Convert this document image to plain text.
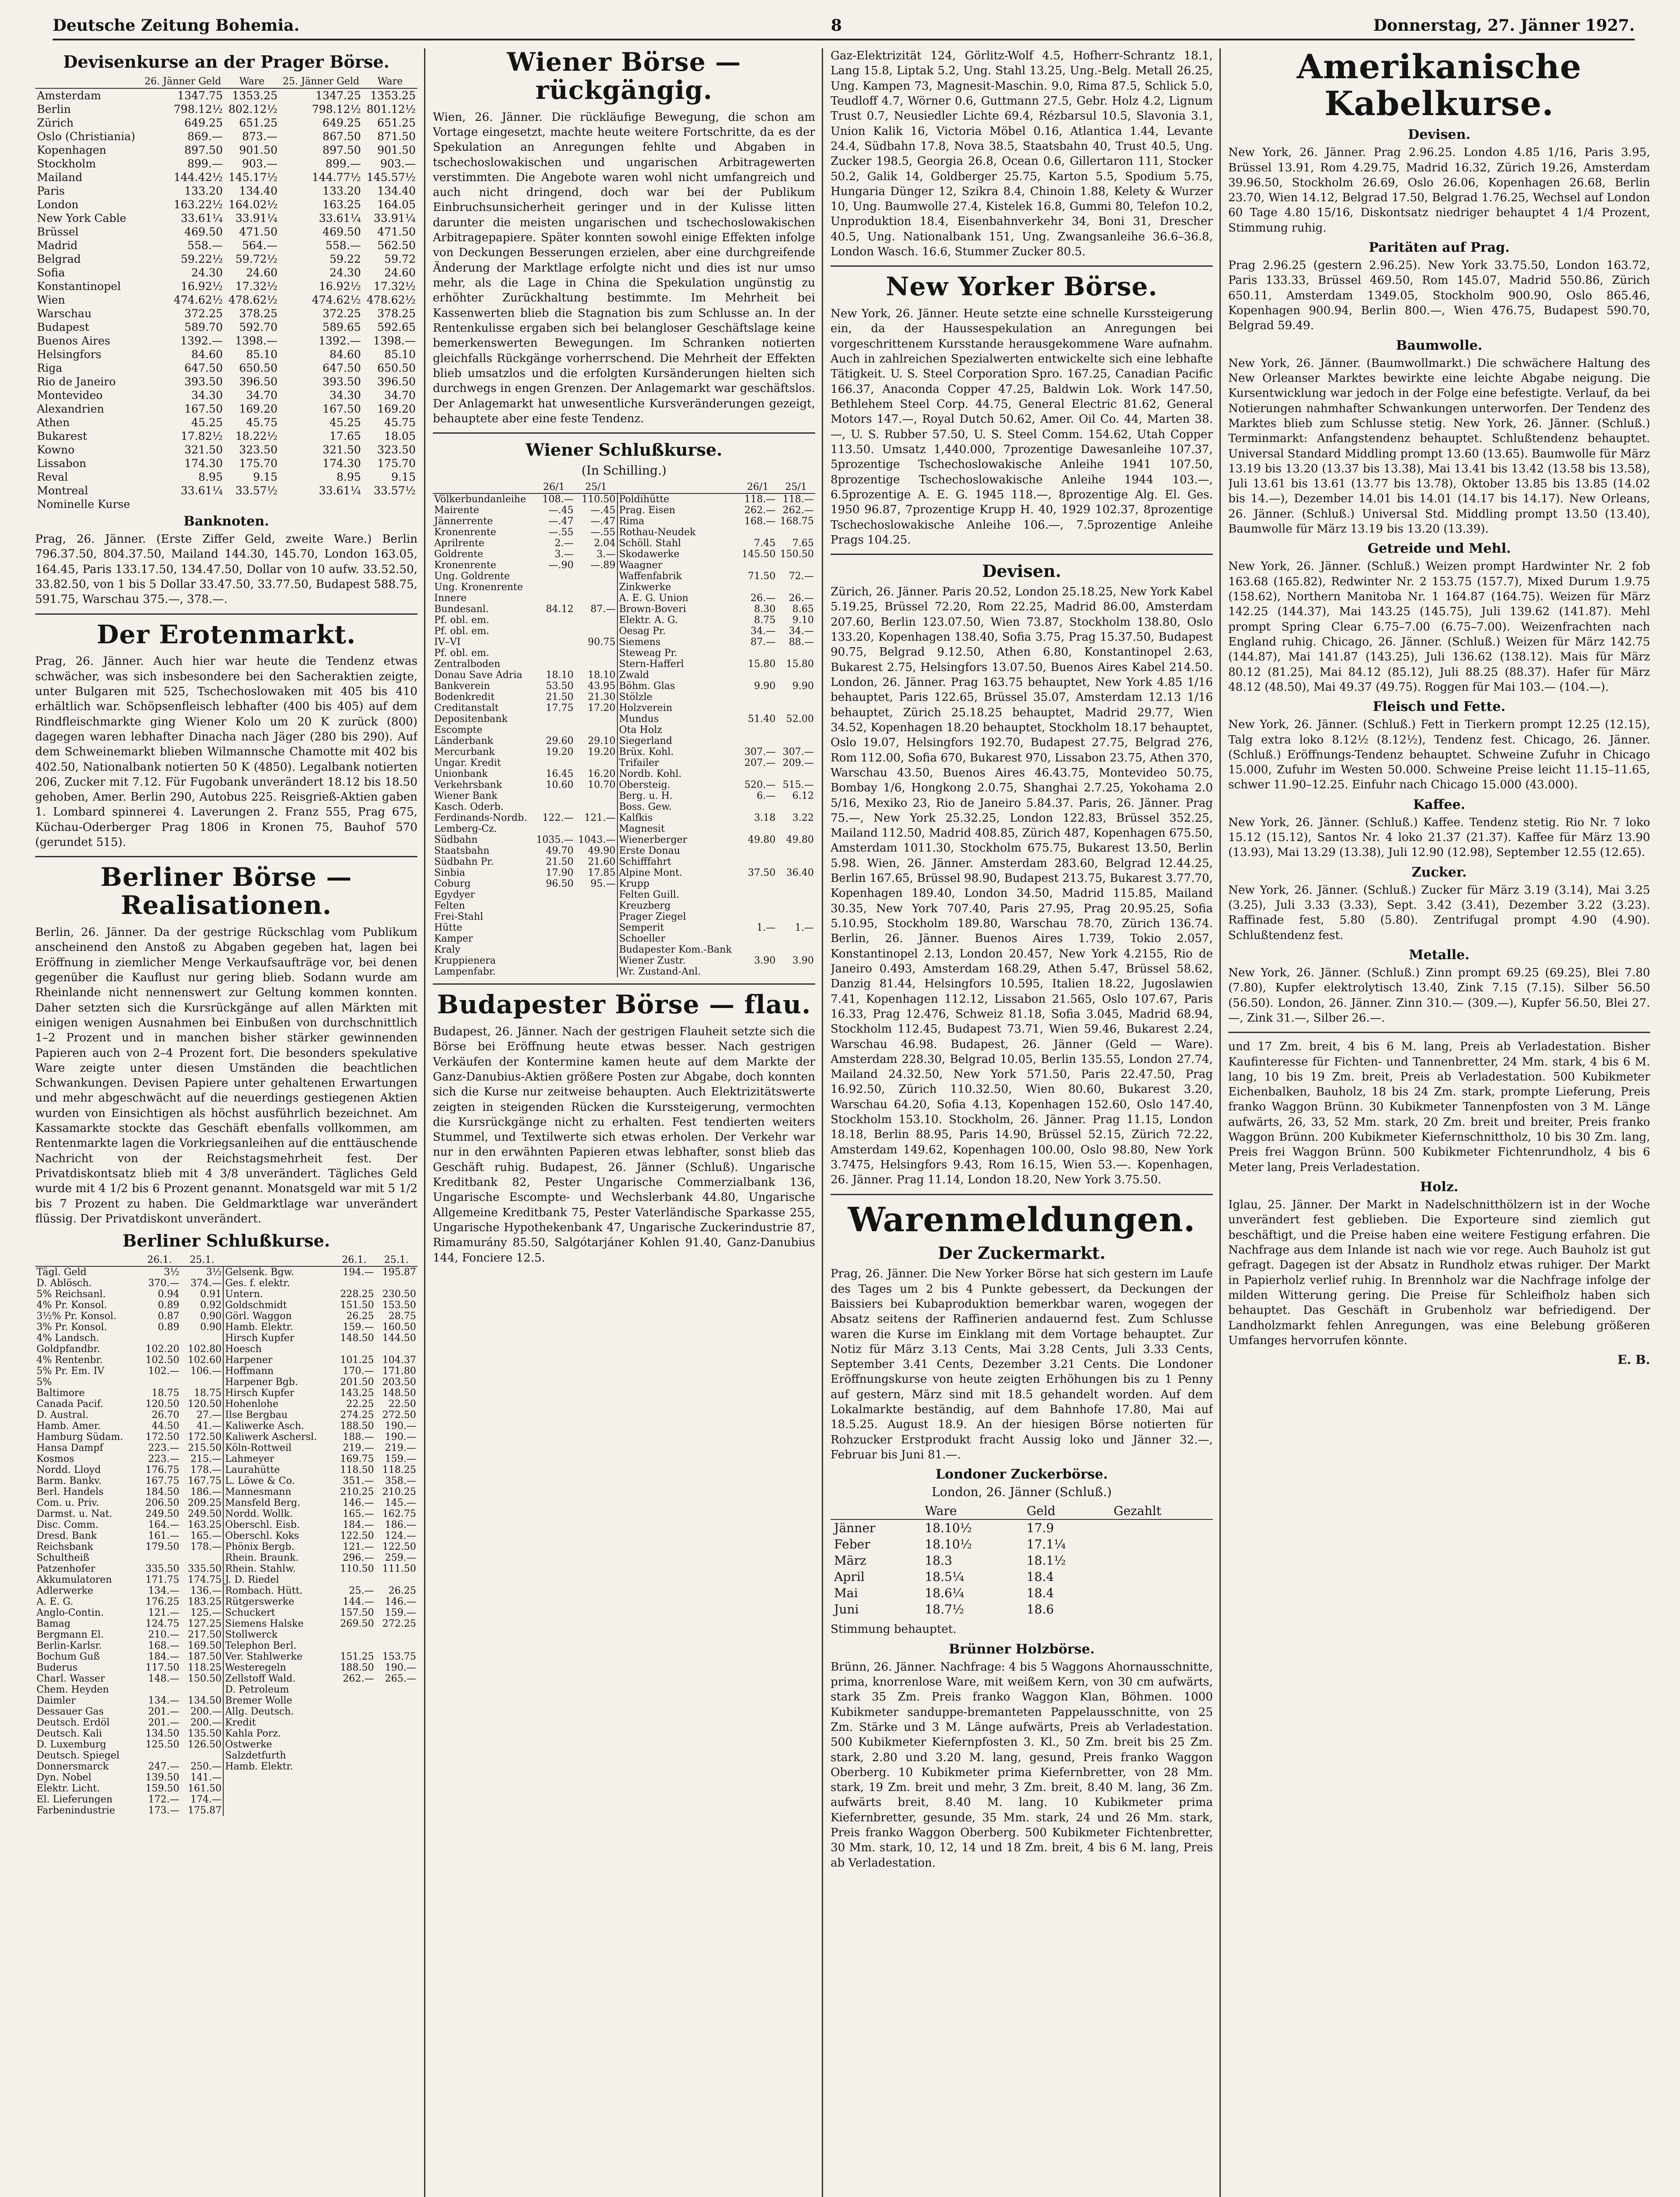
Deutsche Zeitung Bohemia.	8	Donnerstag, 27. Jänner 1927.
Devisenkurse an der Prager Börse.
	26. Jänner Geld	Ware	25. Jänner Geld	Ware
Amsterdam	1347.75	1353.25	1347.25	1353.25
Berlin	798.12½	802.12½	798.12½	801.12½
Zürich	649.25	651.25	649.25	651.25
Oslo (Christiania)	869.—	873.—	867.50	871.50
Kopenhagen	897.50	901.50	897.50	901.50
Stockholm	899.—	903.—	899.—	903.—
Mailand	144.42½	145.17½	144.77½	145.57½
Paris	133.20	134.40	133.20	134.40
London	163.22½	164.02½	163.25	164.05
New York Cable	33.61¼	33.91¼	33.61¼	33.91¼
Brüssel	469.50	471.50	469.50	471.50
Madrid	558.—	564.—	558.—	562.50
Belgrad	59.22½	59.72½	59.22	59.72
Sofia	24.30	24.60	24.30	24.60
Konstantinopel	16.92½	17.32½	16.92½	17.32½
Wien	474.62½	478.62½	474.62½	478.62½
Warschau	372.25	378.25	372.25	378.25
Budapest	589.70	592.70	589.65	592.65
Buenos Aires	1392.—	1398.—	1392.—	1398.—
Helsingfors	84.60	85.10	84.60	85.10
Riga	647.50	650.50	647.50	650.50
Rio de Janeiro	393.50	396.50	393.50	396.50
Montevideo	34.30	34.70	34.30	34.70
Alexandrien	167.50	169.20	167.50	169.20
Athen	45.25	45.75	45.25	45.75
Bukarest	17.82½	18.22½	17.65	18.05
Kowno	321.50	323.50	321.50	323.50
Lissabon	174.30	175.70	174.30	175.70
Reval	8.95	9.15	8.95	9.15
Montreal	33.61¼	33.57½	33.61¼	33.57½
Nominelle Kurse				
Banknoten.

Prag, 26. Jänner. (Erste Ziffer Geld, zweite Ware.) Berlin 796.37.50, 804.37.50, Mailand 144.30, 145.70, London 163.05, 164.45, Paris 133.17.50, 134.47.50, Dollar von 10 aufw. 33.52.50, 33.82.50, von 1 bis 5 Dollar 33.47.50, 33.77.50, Budapest 588.75, 591.75, Warschau 375.—, 378.—.

Der Erotenmarkt.

Prag, 26. Jänner. Auch hier war heute die Tendenz etwas schwächer, was sich insbesondere bei den Sacheraktien zeigte, unter Bulgaren mit 525, Tschechoslowaken mit 405 bis 410 erhältlich war. Schöpsenfleisch lebhafter (400 bis 405) auf dem Rindfleischmarkte ging Wiener Kolo um 20 K zurück (800) dagegen waren lebhafter Dinacha nach Jäger (280 bis 290). Auf dem Schweinemarkt blieben Wilmannsche Chamotte mit 402 bis 402.50, Nationalbank notierten 50 K (4850). Legalbank notierten 206, Zucker mit 7.12. Für Fugobank unverändert 18.12 bis 18.50 gehoben, Amer. Berlin 290, Autobus 225. Reisgrieß-Aktien gaben 1. Lombard spinnerei 4. Laverungen 2. Franz 555, Prag 675, Küchau-Oderberger Prag 1806 in Kronen 75, Bauhof 570 (gerundet 515).

Berliner Börse — Realisationen.

Berlin, 26. Jänner. Da der gestrige Rückschlag vom Publikum anscheinend den Anstoß zu Abgaben gegeben hat, lagen bei Eröffnung in ziemlicher Menge Verkaufsaufträge vor, bei denen gegenüber die Kauflust nur gering blieb. Sodann wurde am Rheinlande nicht nennenswert zur Geltung kommen konnten. Daher setzten sich die Kursrückgänge auf allen Märkten mit einigen wenigen Ausnahmen bei Einbußen von durchschnittlich 1–2 Prozent und in manchen bisher stärker gewinnenden Papieren auch von 2–4 Prozent fort. Die besonders spekulative Ware zeigte unter diesen Umständen die beachtlichen Schwankungen. Devisen Papiere unter gehaltenen Erwartungen und mehr abgeschwächt auf die neuerdings gestiegenen Aktien wurden von Einsichtigen als höchst ausführlich bezeichnet. Am Kassamarkte stockte das Geschäft ebenfalls vollkommen, am Rentenmarkte lagen die Vorkriegsanleihen auf die enttäuschende Nachricht von der Reichstagsmehrheit fest. Der Privatdiskontsatz blieb mit 4 3/8 unverändert. Tägliches Geld wurde mit 4 1/2 bis 6 Prozent genannt. Monatsgeld war mit 5 1/2 bis 7 Prozent zu haben. Die Geldmarktlage war unverändert flüssig. Der Privatdiskont unverändert.

Berliner Schlußkurse.
	26.1.	25.1.		26.1.	25.1.
Tägl. Geld	3½	3½	Gelsenk. Bgw.	194.—	195.87
D. Ablösch.	370.—	374.—	Ges. f. elektr.		
5% Reichsanl.	0.94	0.91	Untern.	228.25	230.50
4% Pr. Konsol.	0.89	0.92	Goldschmidt	151.50	153.50
3½% Pr. Konsol.	0.87	0.90	Görl. Waggon	26.25	28.75
3% Pr. Konsol.	0.89	0.90	Hamb. Elektr.	159.—	160.50
4% Landsch.			Hirsch Kupfer	148.50	144.50
Goldpfandbr.	102.20	102.80	Hoesch		
4% Rentenbr.	102.50	102.60	Harpener	101.25	104.37
5% Pr. Em. IV	102.—	106.—	Hoffmann	170.—	171.80
5%			Harpener Bgb.	201.50	203.50
Baltimore	18.75	18.75	Hirsch Kupfer	143.25	148.50
Canada Pacif.	120.50	120.50	Hohenlohe	22.25	22.50
D. Austral.	26.70	27.—	Ilse Bergbau	274.25	272.50
Hamb. Amer.	44.50	41.—	Kaliwerke Asch.	188.50	190.—
Hamburg Südam.	172.50	172.50	Kaliwerk Aschersl.	188.—	190.—
Hansa Dampf	223.—	215.50	Köln-Rottweil	219.—	219.—
Kosmos	223.—	215.—	Lahmeyer	169.75	159.—
Nordd. Lloyd	176.75	178.—	Laurahütte	118.50	118.25
Barm. Bankv.	167.75	167.75	L. Löwe & Co.	351.—	358.—
Berl. Handels	184.50	186.—	Mannesmann	210.25	210.25
Com. u. Priv.	206.50	209.25	Mansfeld Berg.	146.—	145.—
Darmst. u. Nat.	249.50	249.50	Nordd. Wollk.	165.—	162.75
Disc. Comm.	164.—	163.25	Oberschl. Eisb.	184.—	186.—
Dresd. Bank	161.—	165.—	Oberschl. Koks	122.50	124.—
Reichsbank	179.50	178.—	Phönix Bergb.	121.—	122.50
Schultheiß			Rhein. Braunk.	296.—	259.—
Patzenhofer	335.50	335.50	Rhein. Stahlw.	110.50	111.50
Akkumulatoren	171.75	174.75	J. D. Riedel		
Adlerwerke	134.—	136.—	Rombach. Hütt.	25.—	26.25
A. E. G.	176.25	183.25	Rütgerswerke	144.—	146.—
Anglo-Contin.	121.—	125.—	Schuckert	157.50	159.—
Bamag	124.75	127.25	Siemens Halske	269.50	272.25
Bergmann El.	210.—	217.50	Stollwerck		
Berlin-Karlsr.	168.—	169.50	Telephon Berl.		
Bochum Guß	184.—	187.50	Ver. Stahlwerke	151.25	153.75
Buderus	117.50	118.25	Westeregeln	188.50	190.—
Charl. Wasser	148.—	150.50	Zellstoff Wald.	262.—	265.—
Chem. Heyden			D. Petroleum		
Daimler	134.—	134.50	Bremer Wolle		
Dessauer Gas	201.—	200.—	Allg. Deutsch.		
Deutsch. Erdöl	201.—	200.—	Kredit		
Deutsch. Kali	134.50	135.50	Kahla Porz.		
D. Luxemburg	125.50	126.50	Ostwerke		
Deutsch. Spiegel			Salzdetfurth		
Donnersmarck	247.—	250.—	Hamb. Elektr.		
Dyn. Nobel	139.50	141.—			
Elektr. Licht.	159.50	161.50			
El. Lieferungen	172.—	174.—			
Farbenindustrie	173.—	175.87			
Wiener Börse — rückgängig.

Wien, 26. Jänner. Die rückläufige Bewegung, die schon am Vortage eingesetzt, machte heute weitere Fortschritte, da es der Spekulation an Anregungen fehlte und Abgaben in tschechoslowakischen und ungarischen Arbitragewerten verstimmten. Die Angebote waren wohl nicht umfangreich und auch nicht dringend, doch war bei der Publikum Einbruchsunsicherheit geringer und in der Kulisse litten darunter die meisten ungarischen und tschechoslowakischen Arbitragepapiere. Später konnten sowohl einige Effekten infolge von Deckungen Besserungen erzielen, aber eine durchgreifende Änderung der Marktlage erfolgte nicht und dies ist nur umso mehr, als die Lage in China die Spekulation ungünstig zu erhöhter Zurückhaltung bestimmte. Im Mehrheit bei Kassenwerten blieb die Stagnation bis zum Schlusse an. In der Rentenkulisse ergaben sich bei belangloser Geschäftslage keine bemerkenswerten Bewegungen. Im Schranken notierten gleichfalls Rückgänge vorherrschend. Die Mehrheit der Effekten blieb umsatzlos und die erfolgten Kursänderungen hielten sich durchwegs in engen Grenzen. Der Anlagemarkt war geschäftslos. Der Anlagemarkt hat unwesentliche Kursveränderungen gezeigt, behauptete aber eine feste Tendenz.

Wiener Schlußkurse.
(In Schilling.)
	26/1	25/1		26/1	25/1
Völkerbundanleihe	108.—	110.50	Poldihütte	118.—	118.—
Mairente	—.45	—.45	Prag. Eisen	262.—	262.—
Jännerrente	—.47	—.47	Rima	168.—	168.75
Kronenrente	—.55	—.55	Rothau-Neudek		
Aprilrente	2.—	2.04	Schöll. Stahl	7.45	7.65
Goldrente	3.—	3.—	Skodawerke	145.50	150.50
Kronenrente	—.90	—.89	Waagner		
Ung. Goldrente			Waffenfabrik	71.50	72.—
Ung. Kronenrente			Zinkwerke		
Innere			A. E. G. Union	26.—	26.—
Bundesanl.	84.12	87.—	Brown-Boveri	8.30	8.65
Pf. obl. em.			Elektr. A. G.	8.75	9.10
Pf. obl. em.			Oesag Pr.	34.—	34.—
IV–VI		90.75	Siemens	87.—	88.—
Pf. obl. em.			Steweag Pr.		
Zentralboden			Stern-Hafferl	15.80	15.80
Donau Save Adria	18.10	18.10	Zwald		
Bankverein	53.50	43.95	Böhm. Glas	9.90	9.90
Bodenkredit	21.50	21.30	Stölzle		
Creditanstalt	17.75	17.20	Holzverein		
Depositenbank			Mundus	51.40	52.00
Escompte			Ota Holz		
Länderbank	29.60	29.10	Siegerland		
Mercurbank	19.20	19.20	Brüx. Kohl.	307.—	307.—
Ungar. Kredit			Trifailer	207.—	209.—
Unionbank	16.45	16.20	Nordb. Kohl.		
Verkehrsbank	10.60	10.70	Obersteig.	520.—	515.—
Wiener Bank			Berg. u. H.	6.—	6.12
Kasch. Oderb.			Boss. Gew.		
Ferdinands-Nordb.	122.—	121.—	Kalfkis	3.18	3.22
Lemberg-Cz.			Magnesit		
Südbahn	1035.—	1043.—	Wienerberger	49.80	49.80
Staatsbahn	49.70	49.90	Erste Donau		
Südbahn Pr.	21.50	21.60	Schifffahrt		
Sinbia	17.90	17.85	Alpine Mont.	37.50	36.40
Coburg	96.50	95.—	Krupp		
Egydyer			Felten Guill.		
Felten			Kreuzberg		
Frei-Stahl			Prager Ziegel		
Hütte			Semperit	1.—	1.—
Kamper			Schoeller		
Kraly			Budapester Kom.-Bank		
Kruppienera			Wiener Zustr.	3.90	3.90
Lampenfabr.			Wr. Zustand-Anl.		
Budapester Börse — flau.

Budapest, 26. Jänner. Nach der gestrigen Flauheit setzte sich die Börse bei Eröffnung heute etwas besser. Nach gestrigen Verkäufen der Kontermine kamen heute auf dem Markte der Ganz-Danubius-Aktien größere Posten zur Abgabe, doch konnten sich die Kurse nur zeitweise behaupten. Auch Elektrizitätswerte zeigten in steigenden Rücken die Kurssteigerung, vermochten die Kursrückgänge nicht zu erhalten. Fest tendierten weiters Stummel, und Textilwerte sich etwas erholen. Der Verkehr war nur in den erwähnten Papieren etwas lebhafter, sonst blieb das Geschäft ruhig. Budapest, 26. Jänner (Schluß). Ungarische Kreditbank 82, Pester Ungarische Commerzialbank 136, Ungarische Escompte- und Wechslerbank 44.80, Ungarische Allgemeine Kreditbank 75, Pester Vaterländische Sparkasse 255, Ungarische Hypothekenbank 47, Ungarische Zuckerindustrie 87, Rimamurány 85.50, Salgótarjáner Kohlen 91.40, Ganz-Danubius 144, Fonciere 12.5.

Gaz-Elektrizität 124, Görlitz-Wolf 4.5, Hofherr-Schrantz 18.1, Lang 15.8, Liptak 5.2, Ung. Stahl 13.25, Ung.-Belg. Metall 26.25, Ung. Kampen 73, Magnesit-Maschin. 9.0, Rima 87.5, Schlick 5.0, Teudloff 4.7, Wörner 0.6, Guttmann 27.5, Gebr. Holz 4.2, Lignum Trust 0.7, Neusiedler Lichte 69.4, Rézbarsul 10.5, Slavonia 3.1, Union Kalik 16, Victoria Möbel 0.16, Atlantica 1.44, Levante 24.4, Südbahn 17.8, Nova 38.5, Staatsbahn 40, Trust 40.5, Ung. Zucker 198.5, Georgia 26.8, Ocean 0.6, Gillertaron 111, Stocker 50.2, Galik 14, Goldberger 25.75, Karton 5.5, Spodium 5.75, Hungaria Dünger 12, Szikra 8.4, Chinoin 1.88, Kelety & Wurzer 10, Ung. Baumwolle 27.4, Kistelek 16.8, Gummi 80, Telefon 10.2, Unproduktion 18.4, Eisenbahnverkehr 34, Boni 31, Drescher 40.5, Ung. Nationalbank 151, Ung. Zwangsanleihe 36.6–36.8, London Wasch. 16.6, Stummer Zucker 80.5.

New Yorker Börse.

New York, 26. Jänner. Heute setzte eine schnelle Kurssteigerung ein, da der Haussespekulation an Anregungen bei vorgeschrittenem Kursstande herausgekommene Ware aufnahm. Auch in zahlreichen Spezialwerten entwickelte sich eine lebhafte Tätigkeit. U. S. Steel Corporation Spro. 167.25, Canadian Pacific 166.37, Anaconda Copper 47.25, Baldwin Lok. Work 147.50, Bethlehem Steel Corp. 44.75, General Electric 81.62, General Motors 147.—, Royal Dutch 50.62, Amer. Oil Co. 44, Marten 38.—, U. S. Rubber 57.50, U. S. Steel Comm. 154.62, Utah Copper 113.50. Umsatz 1,440.000, 7prozentige Dawesanleihe 107.37, 5prozentige Tschechoslowakische Anleihe 1941 107.50, 8prozentige Tschechoslowakische Anleihe 1944 103.—, 6.5prozentige A. E. G. 1945 118.—, 8prozentige Alg. El. Ges. 1950 96.87, 7prozentige Krupp H. 40, 1929 102.37, 8prozentige Tschechoslowakische Anleihe 106.—, 7.5prozentige Anleihe Prags 104.25.

Devisen.

Zürich, 26. Jänner. Paris 20.52, London 25.18.25, New York Kabel 5.19.25, Brüssel 72.20, Rom 22.25, Madrid 86.00, Amsterdam 207.60, Berlin 123.07.50, Wien 73.87, Stockholm 138.80, Oslo 133.20, Kopenhagen 138.40, Sofia 3.75, Prag 15.37.50, Budapest 90.75, Belgrad 9.12.50, Athen 6.80, Konstantinopel 2.63, Bukarest 2.75, Helsingfors 13.07.50, Buenos Aires Kabel 214.50. London, 26. Jänner. Prag 163.75 behauptet, New York 4.85 1/16 behauptet, Paris 122.65, Brüssel 35.07, Amsterdam 12.13 1/16 behauptet, Zürich 25.18.25 behauptet, Madrid 29.77, Wien 34.52, Kopenhagen 18.20 behauptet, Stockholm 18.17 behauptet, Oslo 19.07, Helsingfors 192.70, Budapest 27.75, Belgrad 276, Rom 112.00, Sofia 670, Bukarest 970, Lissabon 23.75, Athen 370, Warschau 43.50, Buenos Aires 46.43.75, Montevideo 50.75, Bombay 1/6, Hongkong 2.0.75, Shanghai 2.7.25, Yokohama 2.0 5/16, Mexiko 23, Rio de Janeiro 5.84.37. Paris, 26. Jänner. Prag 75.—, New York 25.32.25, London 122.83, Brüssel 352.25, Mailand 112.50, Madrid 408.85, Zürich 487, Kopenhagen 675.50, Amsterdam 1011.30, Stockholm 675.75, Bukarest 13.50, Berlin 5.98. Wien, 26. Jänner. Amsterdam 283.60, Belgrad 12.44.25, Berlin 167.65, Brüssel 98.90, Budapest 213.75, Bukarest 3.77.70, Kopenhagen 189.40, London 34.50, Madrid 115.85, Mailand 30.35, New York 707.40, Paris 27.95, Prag 20.95.25, Sofia 5.10.95, Stockholm 189.80, Warschau 78.70, Zürich 136.74. Berlin, 26. Jänner. Buenos Aires 1.739, Tokio 2.057, Konstantinopel 2.13, London 20.457, New York 4.2155, Rio de Janeiro 0.493, Amsterdam 168.29, Athen 5.47, Brüssel 58.62, Danzig 81.44, Helsingfors 10.595, Italien 18.22, Jugoslawien 7.41, Kopenhagen 112.12, Lissabon 21.565, Oslo 107.67, Paris 16.33, Prag 12.476, Schweiz 81.18, Sofia 3.045, Madrid 68.94, Stockholm 112.45, Budapest 73.71, Wien 59.46, Bukarest 2.24, Warschau 46.98. Budapest, 26. Jänner (Geld — Ware). Amsterdam 228.30, Belgrad 10.05, Berlin 135.55, London 27.74, Mailand 24.32.50, New York 571.50, Paris 22.47.50, Prag 16.92.50, Zürich 110.32.50, Wien 80.60, Bukarest 3.20, Warschau 64.20, Sofia 4.13, Kopenhagen 152.60, Oslo 147.40, Stockholm 153.10. Stockholm, 26. Jänner. Prag 11.15, London 18.18, Berlin 88.95, Paris 14.90, Brüssel 52.15, Zürich 72.22, Amsterdam 149.62, Kopenhagen 100.00, Oslo 98.80, New York 3.7475, Helsingfors 9.43, Rom 16.15, Wien 53.—. Kopenhagen, 26. Jänner. Prag 11.14, London 18.20, New York 3.75.50.

Warenmeldungen.
Der Zuckermarkt.

Prag, 26. Jänner. Die New Yorker Börse hat sich gestern im Laufe des Tages um 2 bis 4 Punkte gebessert, da Deckungen der Baissiers bei Kubaproduktion bemerkbar waren, wogegen der Absatz seitens der Raffinerien andauernd fest. Zum Schlusse waren die Kurse im Einklang mit dem Vortage behauptet. Zur Notiz für März 3.13 Cents, Mai 3.28 Cents, Juli 3.33 Cents, September 3.41 Cents, Dezember 3.21 Cents. Die Londoner Eröffnungskurse von heute zeigten Erhöhungen bis zu 1 Penny auf gestern, März sind mit 18.5 gehandelt worden. Auf dem Lokalmarkte beständig, auf dem Bahnhofe 17.80, Mai auf 18.5.25. August 18.9. An der hiesigen Börse notierten für Rohzucker Erstprodukt fracht Aussig loko und Jänner 32.—, Februar bis Juni 81.—.

Londoner Zuckerbörse.
London, 26. Jänner (Schluß.)
	Ware	Geld	Gezahlt
Jänner	18.10½	17.9	
Feber	18.10½	17.1¼	
März	18.3	18.1½	
April	18.5¼	18.4	
Mai	18.6¼	18.4	
Juni	18.7½	18.6	

Stimmung behauptet.

Brünner Holzbörse.

Brünn, 26. Jänner. Nachfrage: 4 bis 5 Waggons Ahornausschnitte, prima, knorrenlose Ware, mit weißem Kern, von 30 cm aufwärts, stark 35 Zm. Preis franko Waggon Klan, Böhmen. 1000 Kubikmeter sanduppe-bremanteten Pappelausschnitte, von 25 Zm. Stärke und 3 M. Länge aufwärts, Preis ab Verladestation. 500 Kubikmeter Kiefernpfosten 3. Kl., 50 Zm. breit bis 25 Zm. stark, 2.80 und 3.20 M. lang, gesund, Preis franko Waggon Oberberg. 10 Kubikmeter prima Kiefernbretter, von 28 Mm. stark, 19 Zm. breit und mehr, 3 Zm. breit, 8.40 M. lang, 36 Zm. aufwärts breit, 8.40 M. lang. 10 Kubikmeter prima Kiefernbretter, gesunde, 35 Mm. stark, 24 und 26 Mm. stark, Preis franko Waggon Oberberg. 500 Kubikmeter Fichtenbretter, 30 Mm. stark, 10, 12, 14 und 18 Zm. breit, 4 bis 6 M. lang, Preis ab Verladestation.

Amerikanische Kabelkurse.
Devisen.

New York, 26. Jänner. Prag 2.96.25. London 4.85 1/16, Paris 3.95, Brüssel 13.91, Rom 4.29.75, Madrid 16.32, Zürich 19.26, Amsterdam 39.96.50, Stockholm 26.69, Oslo 26.06, Kopenhagen 26.68, Berlin 23.70, Wien 14.12, Belgrad 17.50, Belgrad 1.76.25, Wechsel auf London 60 Tage 4.80 15/16, Diskontsatz niedriger behauptet 4 1/4 Prozent, Stimmung ruhig.

Paritäten auf Prag.

Prag 2.96.25 (gestern 2.96.25). New York 33.75.50, London 163.72, Paris 133.33, Brüssel 469.50, Rom 145.07, Madrid 550.86, Zürich 650.11, Amsterdam 1349.05, Stockholm 900.90, Oslo 865.46, Kopenhagen 900.94, Berlin 800.—, Wien 476.75, Budapest 590.70, Belgrad 59.49.

Baumwolle.

New York, 26. Jänner. (Baumwollmarkt.) Die schwächere Haltung des New Orleanser Marktes bewirkte eine leichte Abgabe neigung. Die Kursentwicklung war jedoch in der Folge eine befestigte. Verlauf, da bei Notierungen nahmhafter Schwankungen unterworfen. Der Tendenz des Marktes blieb zum Schlusse stetig. New York, 26. Jänner. (Schluß.) Terminmarkt: Anfangstendenz behauptet. Schlußtendenz behauptet. Universal Standard Middling prompt 13.60 (13.65). Baumwolle für März 13.19 bis 13.20 (13.37 bis 13.38), Mai 13.41 bis 13.42 (13.58 bis 13.58), Juli 13.61 bis 13.61 (13.77 bis 13.78), Oktober 13.85 bis 13.85 (14.02 bis 14.—), Dezember 14.01 bis 14.01 (14.17 bis 14.17). New Orleans, 26. Jänner. (Schluß.) Universal Std. Middling prompt 13.50 (13.40), Baumwolle für März 13.19 bis 13.20 (13.39).

Getreide und Mehl.

New York, 26. Jänner. (Schluß.) Weizen prompt Hardwinter Nr. 2 fob 163.68 (165.82), Redwinter Nr. 2 153.75 (157.7), Mixed Durum 1.9.75 (158.62), Northern Manitoba Nr. 1 164.87 (164.75). Weizen für März 142.25 (144.37), Mai 143.25 (145.75), Juli 139.62 (141.87). Mehl prompt Spring Clear 6.75–7.00 (6.75–7.00). Weizenfrachten nach England ruhig. Chicago, 26. Jänner. (Schluß.) Weizen für März 142.75 (144.87), Mai 141.87 (143.25), Juli 136.62 (138.12). Mais für März 80.12 (81.25), Mai 84.12 (85.12), Juli 88.25 (88.37). Hafer für März 48.12 (48.50), Mai 49.37 (49.75). Roggen für Mai 103.— (104.—).

Fleisch und Fette.

New York, 26. Jänner. (Schluß.) Fett in Tierkern prompt 12.25 (12.15), Talg extra loko 8.12½ (8.12½), Tendenz fest. Chicago, 26. Jänner. (Schluß.) Eröffnungs-Tendenz behauptet. Schweine Zufuhr in Chicago 15.000, Zufuhr im Westen 50.000. Schweine Preise leicht 11.15–11.65, schwer 11.90–12.25. Einfuhr nach Chicago 15.000 (43.000).

Kaffee.

New York, 26. Jänner. (Schluß.) Kaffee. Tendenz stetig. Rio Nr. 7 loko 15.12 (15.12), Santos Nr. 4 loko 21.37 (21.37). Kaffee für März 13.90 (13.93), Mai 13.29 (13.38), Juli 12.90 (12.98), September 12.55 (12.65).

Zucker.

New York, 26. Jänner. (Schluß.) Zucker für März 3.19 (3.14), Mai 3.25 (3.25), Juli 3.33 (3.33), Sept. 3.42 (3.41), Dezember 3.22 (3.23). Raffinade fest, 5.80 (5.80). Zentrifugal prompt 4.90 (4.90). Schlußtendenz fest.

Metalle.

New York, 26. Jänner. (Schluß.) Zinn prompt 69.25 (69.25), Blei 7.80 (7.80), Kupfer elektrolytisch 13.40, Zink 7.15 (7.15). Silber 56.50 (56.50). London, 26. Jänner. Zinn 310.— (309.—), Kupfer 56.50, Blei 27.—, Zink 31.—, Silber 26.—.

und 17 Zm. breit, 4 bis 6 M. lang, Preis ab Verladestation. Bisher Kaufinteresse für Fichten- und Tannenbretter, 24 Mm. stark, 4 bis 6 M. lang, 10 bis 19 Zm. breit, Preis ab Verladestation. 500 Kubikmeter Eichenbalken, Bauholz, 18 bis 24 Zm. stark, prompte Lieferung, Preis franko Waggon Brünn. 30 Kubikmeter Tannenpfosten von 3 M. Länge aufwärts, 26, 33, 52 Mm. stark, 20 Zm. breit und breiter, Preis franko Waggon Brünn. 200 Kubikmeter Kiefernschnittholz, 10 bis 30 Zm. lang, Preis frei Waggon Brünn. 500 Kubikmeter Fichtenrundholz, 4 bis 6 Meter lang, Preis Verladestation.

Holz.

Iglau, 25. Jänner. Der Markt in Nadelschnitthölzern ist in der Woche unverändert fest geblieben. Die Exporteure sind ziemlich gut beschäftigt, und die Preise haben eine weitere Festigung erfahren. Die Nachfrage aus dem Inlande ist nach wie vor rege. Auch Bauholz ist gut gefragt. Dagegen ist der Absatz in Rundholz etwas ruhiger. Der Markt in Papierholz verlief ruhig. In Brennholz war die Nachfrage infolge der milden Witterung gering. Die Preise für Schleifholz haben sich behauptet. Das Geschäft in Grubenholz war befriedigend. Der Landholzmarkt fehlen Anregungen, was eine Belebung größeren Umfanges hervorrufen könnte.

E. B.
